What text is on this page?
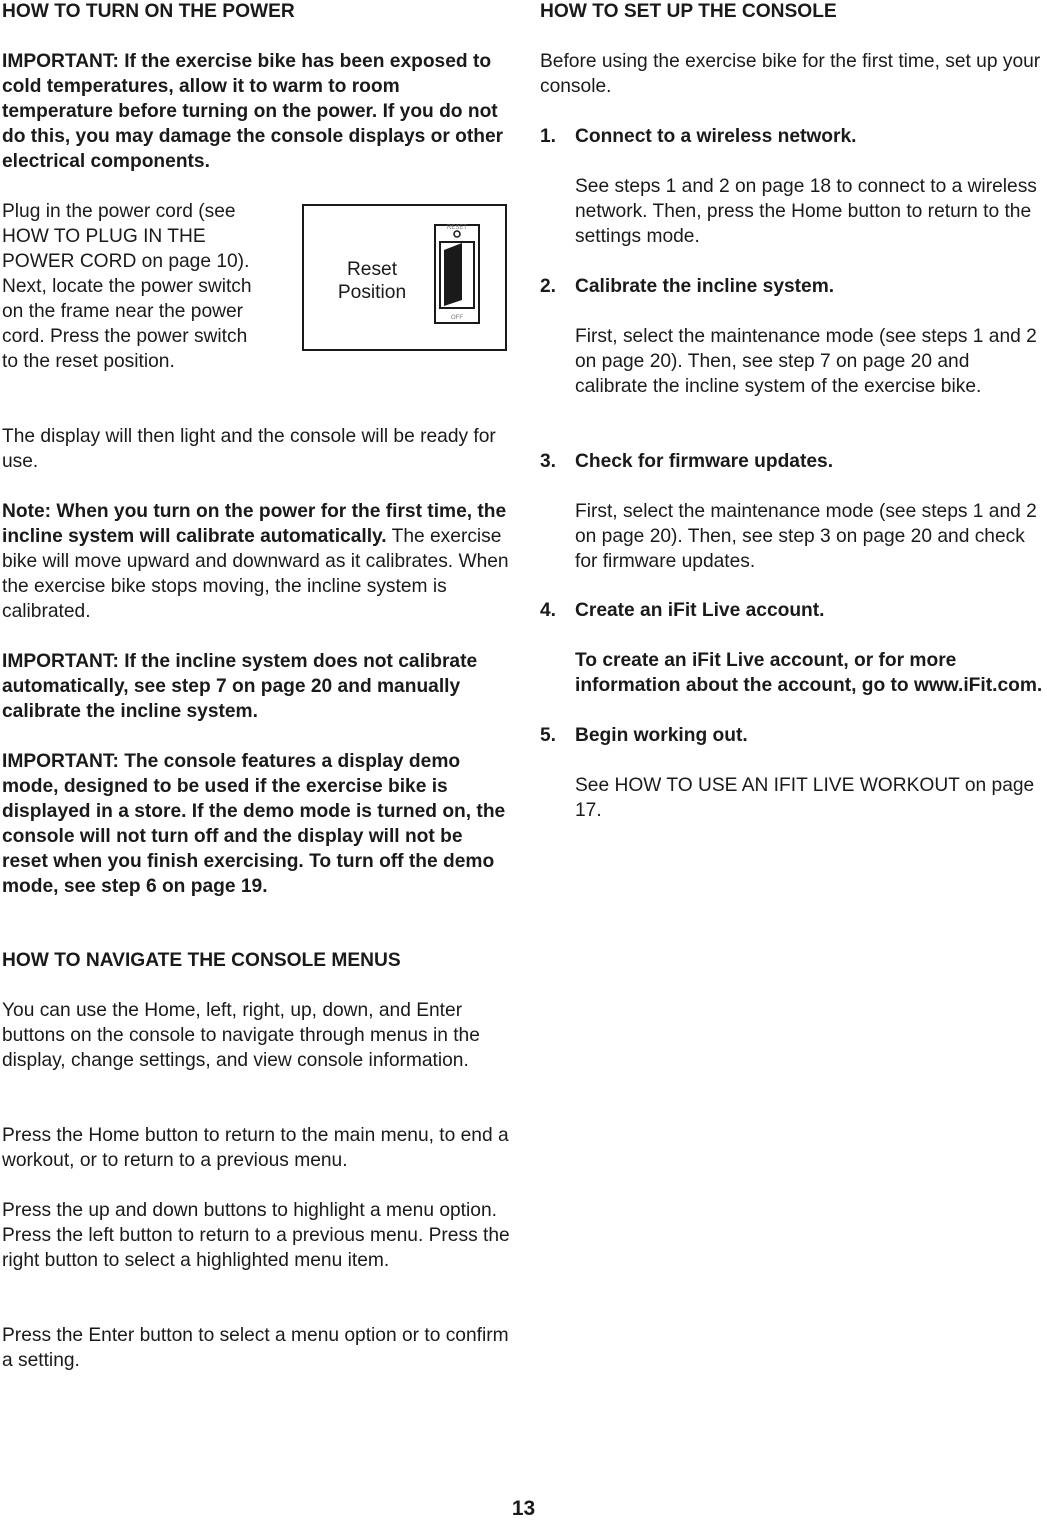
HOW TO TURN ON THE POWER

IMPORTANT: If the exercise bike has been exposed to cold temperatures, allow it to warm to room temperature before turning on the power. If you do not do this, you may damage the console displays or other electrical components.

Plug in the power cord (see HOW TO PLUG IN THE POWER CORD on page 10). Next, locate the power switch on the frame near the power cord. Press the power switch to the reset position.

Reset
Position
RESET
OFF

The display will then light and the console will be ready for use.

Note: When you turn on the power for the first time, the incline system will calibrate automatically. The exercise bike will move upward and downward as it calibrates. When the exercise bike stops moving, the incline system is calibrated.

IMPORTANT: If the incline system does not calibrate automatically, see step 7 on page 20 and manually calibrate the incline system.

IMPORTANT: The console features a display demo mode, designed to be used if the exercise bike is displayed in a store. If the demo mode is turned on, the console will not turn off and the display will not be reset when you finish exercising. To turn off the demo mode, see step 6 on page 19.

HOW TO NAVIGATE THE CONSOLE MENUS

You can use the Home, left, right, up, down, and Enter buttons on the console to navigate through menus in the display, change settings, and view console information.

Press the Home button to return to the main menu, to end a workout, or to return to a previous menu.

Press the up and down buttons to highlight a menu option. Press the left button to return to a previous menu. Press the right button to select a highlighted menu item.

Press the Enter button to select a menu option or to confirm a setting.

HOW TO SET UP THE CONSOLE

Before using the exercise bike for the first time, set up your console.

1. Connect to a wireless network.

See steps 1 and 2 on page 18 to connect to a wireless network. Then, press the Home button to return to the settings mode.

2. Calibrate the incline system.

First, select the maintenance mode (see steps 1 and 2 on page 20). Then, see step 7 on page 20 and calibrate the incline system of the exercise bike.

3. Check for firmware updates.

First, select the maintenance mode (see steps 1 and 2 on page 20). Then, see step 3 on page 20 and check for firmware updates.

4. Create an iFit Live account.

To create an iFit Live account, or for more information about the account, go to www.iFit.com.

5. Begin working out.

See HOW TO USE AN IFIT LIVE WORKOUT on page 17.

13
